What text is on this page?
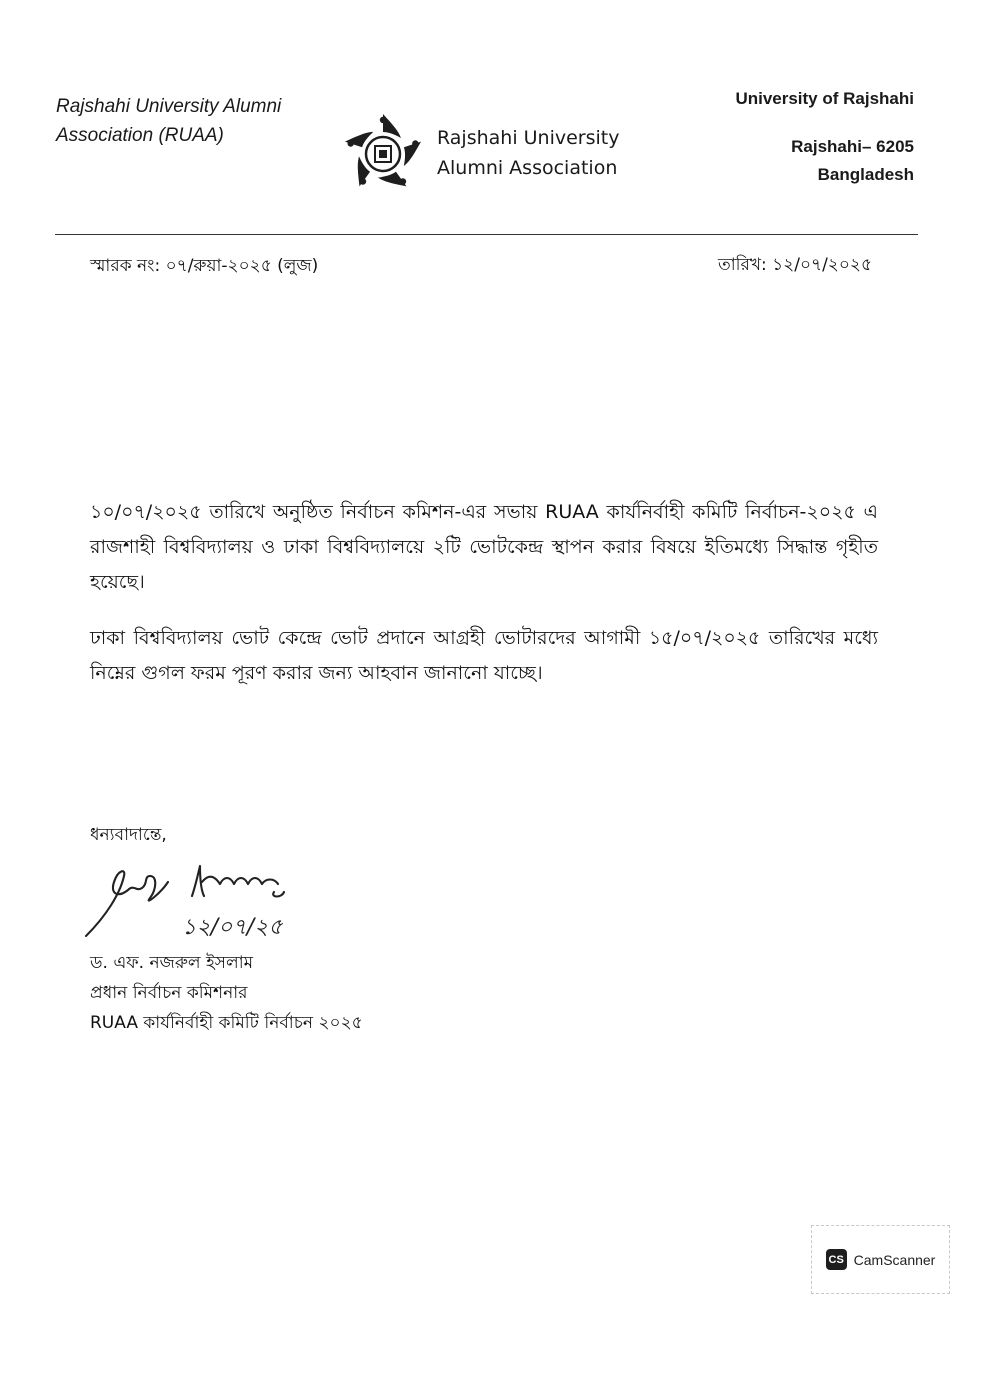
Rajshahi University Alumni
Association (RUAA)	Rajshahi University
Alumni Association
University of Rajshahi
Rajshahi– 6205
Bangladesh
স্মারক নং: ০৭/রুয়া-২০২৫ (লুজ)	তারিখ: ১২/০৭/২০২৫
১০/০৭/২০২৫ তারিখে অনুষ্ঠিত নির্বাচন কমিশন-এর সভায় RUAA কার্যনির্বাহী কমিটি নির্বাচন-২০২৫ এ রাজশাহী বিশ্ববিদ্যালয় ও ঢাকা বিশ্ববিদ্যালয়ে ২টি ভোটকেন্দ্র স্থাপন করার বিষয়ে ইতিমধ্যে সিদ্ধান্ত গৃহীত হয়েছে।
ঢাকা বিশ্ববিদ্যালয় ভোট কেন্দ্রে ভোট প্রদানে আগ্রহী ভোটারদের আগামী ১৫/০৭/২০২৫ তারিখের মধ্যে নিম্নের গুগল ফরম পূরণ করার জন্য আহবান জানানো যাচ্ছে।
ধন্যবাদান্তে,
১২/০৭/২৫
ড. এফ. নজরুল ইসলাম
প্রধান নির্বাচন কমিশনার
RUAA কার্যনির্বাহী কমিটি নির্বাচন ২০২৫
CS CamScanner
